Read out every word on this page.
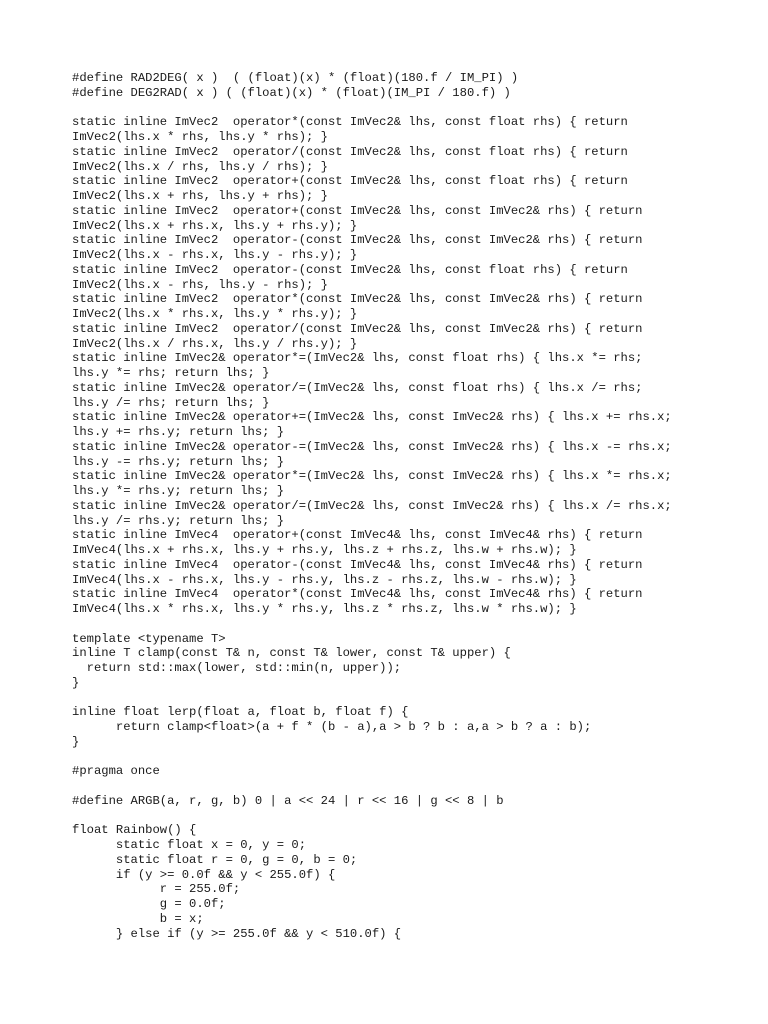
#define RAD2DEG( x )  ( (float)(x) * (float)(180.f / IM_PI) )
#define DEG2RAD( x ) ( (float)(x) * (float)(IM_PI / 180.f) )
static inline ImVec2  operator*(const ImVec2& lhs, const float rhs) { return
ImVec2(lhs.x * rhs, lhs.y * rhs); }
static inline ImVec2  operator/(const ImVec2& lhs, const float rhs) { return
ImVec2(lhs.x / rhs, lhs.y / rhs); }
static inline ImVec2  operator+(const ImVec2& lhs, const float rhs) { return
ImVec2(lhs.x + rhs, lhs.y + rhs); }
static inline ImVec2  operator+(const ImVec2& lhs, const ImVec2& rhs) { return
ImVec2(lhs.x + rhs.x, lhs.y + rhs.y); }
static inline ImVec2  operator-(const ImVec2& lhs, const ImVec2& rhs) { return
ImVec2(lhs.x - rhs.x, lhs.y - rhs.y); }
static inline ImVec2  operator-(const ImVec2& lhs, const float rhs) { return
ImVec2(lhs.x - rhs, lhs.y - rhs); }
static inline ImVec2  operator*(const ImVec2& lhs, const ImVec2& rhs) { return
ImVec2(lhs.x * rhs.x, lhs.y * rhs.y); }
static inline ImVec2  operator/(const ImVec2& lhs, const ImVec2& rhs) { return
ImVec2(lhs.x / rhs.x, lhs.y / rhs.y); }
static inline ImVec2& operator*=(ImVec2& lhs, const float rhs) { lhs.x *= rhs;
lhs.y *= rhs; return lhs; }
static inline ImVec2& operator/=(ImVec2& lhs, const float rhs) { lhs.x /= rhs;
lhs.y /= rhs; return lhs; }
static inline ImVec2& operator+=(ImVec2& lhs, const ImVec2& rhs) { lhs.x += rhs.x;
lhs.y += rhs.y; return lhs; }
static inline ImVec2& operator-=(ImVec2& lhs, const ImVec2& rhs) { lhs.x -= rhs.x;
lhs.y -= rhs.y; return lhs; }
static inline ImVec2& operator*=(ImVec2& lhs, const ImVec2& rhs) { lhs.x *= rhs.x;
lhs.y *= rhs.y; return lhs; }
static inline ImVec2& operator/=(ImVec2& lhs, const ImVec2& rhs) { lhs.x /= rhs.x;
lhs.y /= rhs.y; return lhs; }
static inline ImVec4  operator+(const ImVec4& lhs, const ImVec4& rhs) { return
ImVec4(lhs.x + rhs.x, lhs.y + rhs.y, lhs.z + rhs.z, lhs.w + rhs.w); }
static inline ImVec4  operator-(const ImVec4& lhs, const ImVec4& rhs) { return
ImVec4(lhs.x - rhs.x, lhs.y - rhs.y, lhs.z - rhs.z, lhs.w - rhs.w); }
static inline ImVec4  operator*(const ImVec4& lhs, const ImVec4& rhs) { return
ImVec4(lhs.x * rhs.x, lhs.y * rhs.y, lhs.z * rhs.z, lhs.w * rhs.w); }
template <typename T>
inline T clamp(const T& n, const T& lower, const T& upper) {
return std::max(lower, std::min(n, upper));
}
inline float lerp(float a, float b, float f) {
return clamp<float>(a + f * (b - a),a > b ? b : a,a > b ? a : b);
}
#pragma once
#define ARGB(a, r, g, b) 0 | a << 24 | r << 16 | g << 8 | b
float Rainbow() {
static float x = 0, y = 0;
static float r = 0, g = 0, b = 0;
if (y >= 0.0f && y < 255.0f) {
r = 255.0f;
g = 0.0f;
b = x;
} else if (y >= 255.0f && y < 510.0f) {
